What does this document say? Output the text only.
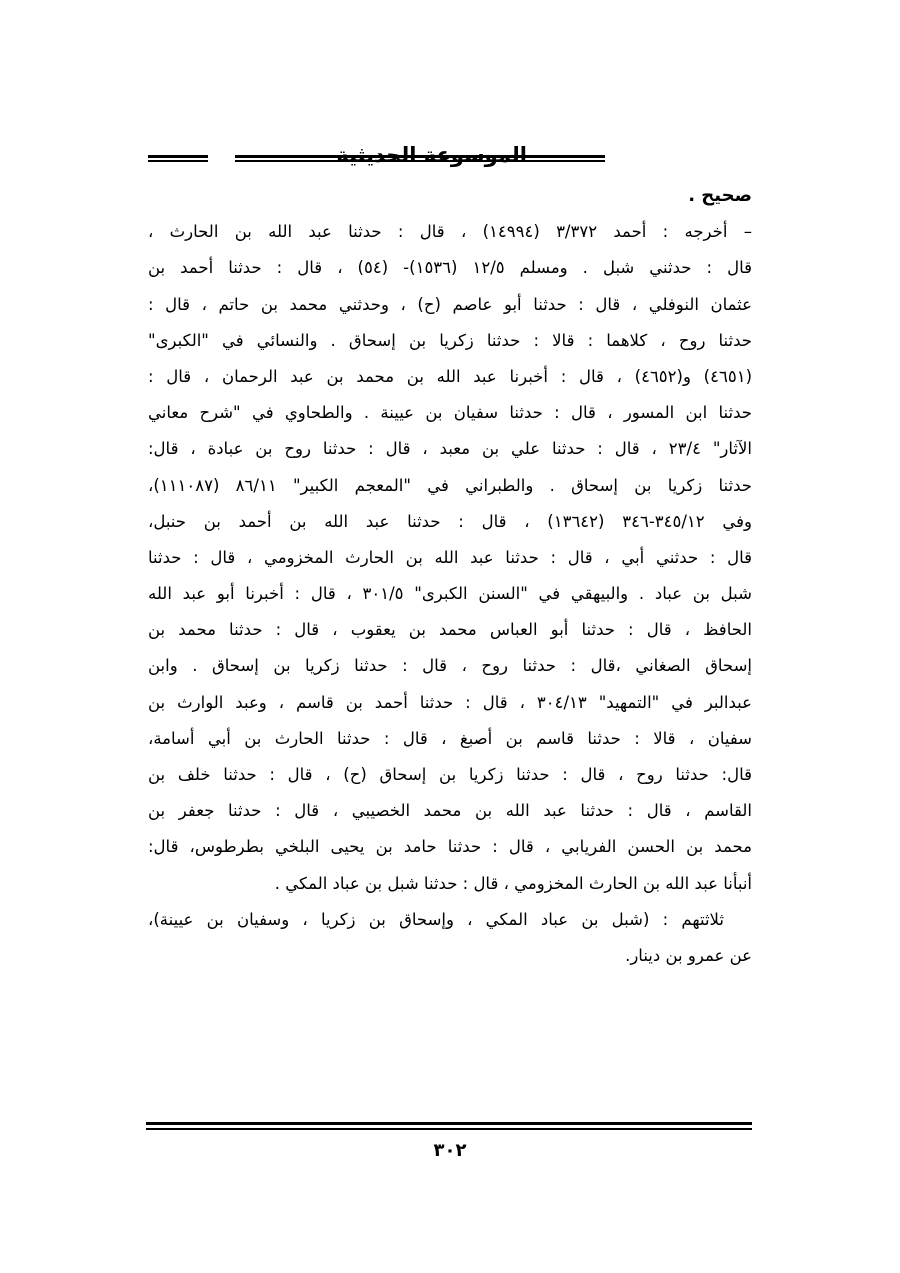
الموسوعة الحديثية
صحيح .
– أخرجه : أحمد ٣/٣٧٢ (١٤٩٩٤) ، قال : حدثنا عبد الله بن الحارث ،
قال : حدثني شبل . ومسلم ١٢/٥ (١٥٣٦)- (٥٤) ، قال : حدثنا أحمد بن
عثمان النوفلي ، قال : حدثنا أبو عاصم (ح) ، وحدثني محمد بن حاتم ، قال :
حدثنا روح ، كلاهما : قالا : حدثنا زكريا بن إسحاق . والنسائي في "الكبرى"
(٤٦٥١) و(٤٦٥٢) ، قال : أخبرنا عبد الله بن محمد بن عبد الرحمان ، قال :
حدثنا ابن المسور ، قال : حدثنا سفيان بن عيينة . والطحاوي في "شرح معاني
الآثار" ٢٣/٤ ، قال : حدثنا علي بن معبد ، قال : حدثنا روح بن عبادة ، قال:
حدثنا زكريا بن إسحاق . والطبراني في "المعجم الكبير" ٨٦/١١ (١١١٠٨٧)،
وفي ٣٤٥/١٢-٣٤٦ (١٣٦٤٢) ، قال : حدثنا عبد الله بن أحمد بن حنبل،
قال : حدثني أبي ، قال : حدثنا عبد الله بن الحارث المخزومي ، قال : حدثنا
شبل بن عباد . والبيهقي في "السنن الكبرى" ٣٠١/٥ ، قال : أخبرنا أبو عبد الله
الحافظ ، قال : حدثنا أبو العباس محمد بن يعقوب ، قال : حدثنا محمد بن
إسحاق الصغاني ،قال : حدثنا روح ، قال : حدثنا زكريا بن إسحاق . وابن
عبدالبر في "التمهيد" ٣٠٤/١٣ ، قال : حدثنا أحمد بن قاسم ، وعبد الوارث بن
سفيان ، قالا : حدثنا قاسم بن أصبغ ، قال : حدثنا الحارث بن أبي أسامة،
قال: حدثنا روح ، قال : حدثنا زكريا بن إسحاق (ح) ، قال : حدثنا خلف بن
القاسم ، قال : حدثنا عبد الله بن محمد الخصيبي ، قال : حدثنا جعفر بن
محمد بن الحسن الفريابي ، قال : حدثنا حامد بن يحيى البلخي بطرطوس، قال:
أنبأنا عبد الله بن الحارث المخزومي ، قال : حدثنا شبل بن عباد المكي .
ثلاثتهم : (شبل بن عباد المكي ، وإسحاق بن زكريا ، وسفيان بن عيينة)،
عن عمرو بن دينار.
٣٠٢
